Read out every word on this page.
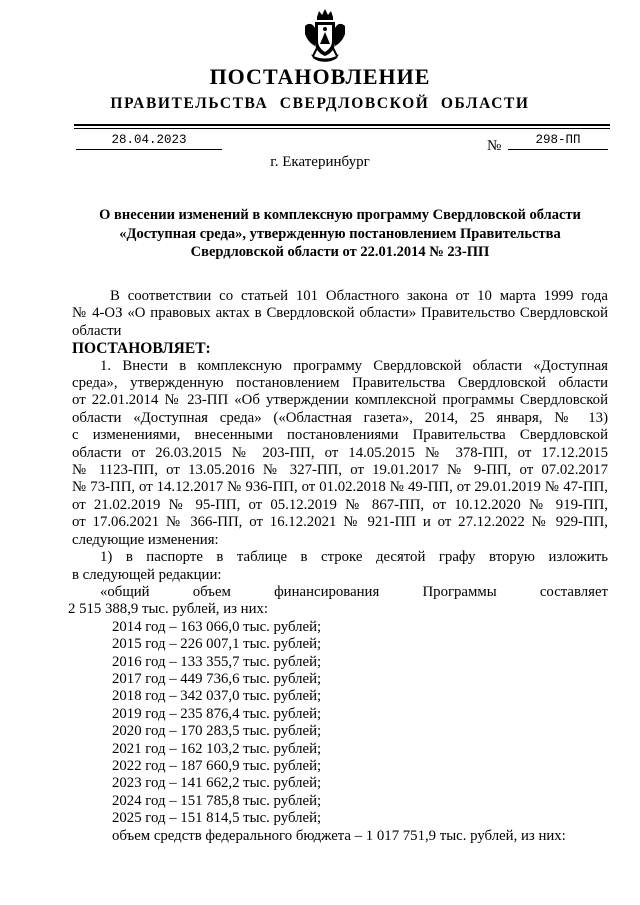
ПОСТАНОВЛЕНИЕ
ПРАВИТЕЛЬСТВА СВЕРДЛОВСКОЙ ОБЛАСТИ
28.04.2023	№	298-ПП
г. Екатеринбург
О внесении изменений в комплексную программу Свердловской области
«Доступная среда», утвержденную постановлением Правительства
Свердловской области от 22.01.2014 № 23-ПП
В соответствии со статьей 101 Областного закона от 10 марта 1999 года
№ 4-ОЗ «О правовых актах в Свердловской области» Правительство Свердловской
области
ПОСТАНОВЛЯЕТ:
1. Внести в комплексную программу Свердловской области «Доступная
среда», утвержденную постановлением Правительства Свердловской области
от 22.01.2014 № 23-ПП «Об утверждении комплексной программы Свердловской
области «Доступная среда» («Областная газета», 2014, 25 января, № 13)
с изменениями, внесенными постановлениями Правительства Свердловской
области от 26.03.2015 № 203-ПП, от 14.05.2015 № 378-ПП, от 17.12.2015
№ 1123-ПП, от 13.05.2016 № 327-ПП, от 19.01.2017 № 9-ПП, от 07.02.2017
№ 73-ПП, от 14.12.2017 № 936-ПП, от 01.02.2018 № 49-ПП, от 29.01.2019 № 47-ПП,
от 21.02.2019 № 95-ПП, от 05.12.2019 № 867-ПП, от 10.12.2020 № 919-ПП,
от 17.06.2021 № 366-ПП, от 16.12.2021 № 921-ПП и от 27.12.2022 № 929-ПП,
следующие изменения:
1) в паспорте в таблице в строке десятой графу вторую изложить
в следующей редакции:
«общий объем финансирования Программы составляет
2 515 388,9 тыс. рублей, из них:
2014 год – 163 066,0 тыс. рублей;
2015 год – 226 007,1 тыс. рублей;
2016 год – 133 355,7 тыс. рублей;
2017 год – 449 736,6 тыс. рублей;
2018 год – 342 037,0 тыс. рублей;
2019 год – 235 876,4 тыс. рублей;
2020 год – 170 283,5 тыс. рублей;
2021 год – 162 103,2 тыс. рублей;
2022 год – 187 660,9 тыс. рублей;
2023 год – 141 662,2 тыс. рублей;
2024 год – 151 785,8 тыс. рублей;
2025 год – 151 814,5 тыс. рублей;
объем средств федерального бюджета – 1 017 751,9 тыс. рублей, из них:
